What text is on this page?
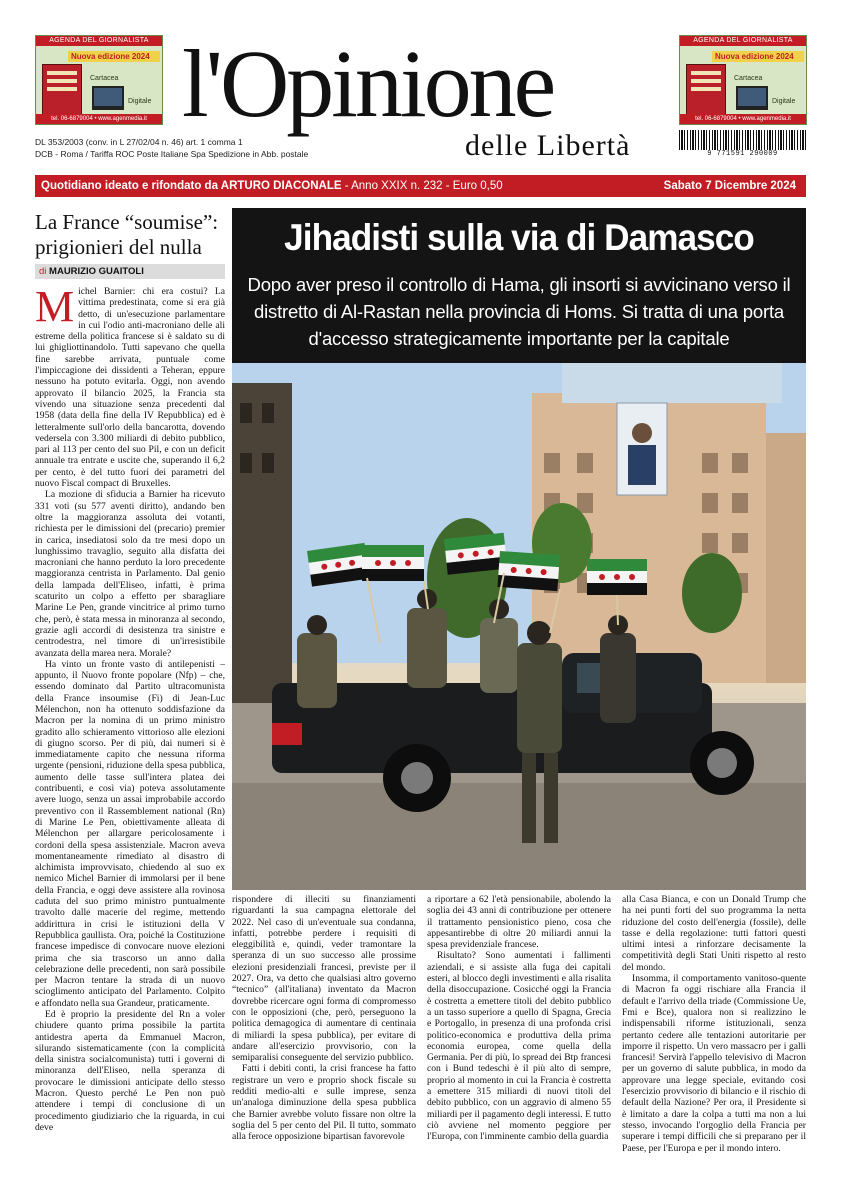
AGENDA DEL GIORNALISTA
Nuova edizione 2024
Cartacea
Digitale
tel. 06-6879004 • www.agenmedia.it
AGENDA DEL GIORNALISTA
Nuova edizione 2024
Cartacea
Digitale
tel. 06-6879004 • www.agenmedia.it
l'Opinione
delle Libertà
DL 353/2003 (conv. in L 27/02/04 n. 46) art. 1 comma 1
DCB - Roma / Tariffa ROC Poste Italiane Spa Spedizione in Abb. postale	9 771591 290009
Quotidiano ideato e rifondato da ARTURO DIACONALE - Anno XXIX n. 232 - Euro 0,50	Sabato 7 Dicembre 2024
La France “soumise”: prigionieri del nulla
di MAURIZIO GUAITOLI

Michel Barnier: chi era costui? La vittima predestinata, come si era già detto, di un'esecuzione parlamentare in cui l'odio anti-macroniano delle ali estreme della politica francese si è saldato su di lui ghigliottinandolo. Tutti sapevano che quella fine sarebbe arrivata, puntuale come l'impiccagione dei dissidenti a Teheran, eppure nessuno ha potuto evitarla. Oggi, non avendo approvato il bilancio 2025, la Francia sta vivendo una situazione senza precedenti dal 1958 (data della fine della IV Repubblica) ed è letteralmente sull'orlo della bancarotta, dovendo vedersela con 3.300 miliardi di debito pubblico, pari al 113 per cento del suo Pil, e con un deficit annuale tra entrate e uscite che, superando il 6,2 per cento, è del tutto fuori dei parametri del nuovo Fiscal compact di Bruxelles.

La mozione di sfiducia a Barnier ha ricevuto 331 voti (su 577 aventi diritto), andando ben oltre la maggioranza assoluta dei votanti, richiesta per le dimissioni del (precario) premier in carica, insediatosi solo da tre mesi dopo un lunghissimo travaglio, seguito alla disfatta dei macroniani che hanno perduto la loro precedente maggioranza centrista in Parlamento. Dal genio della lampada dell'Eliseo, infatti, è prima scaturito un colpo a effetto per sbaragliare Marine Le Pen, grande vincitrice al primo turno che, però, è stata messa in minoranza al secondo, grazie agli accordi di desistenza tra sinistre e centrodestra, nel timore di un'irresistibile avanzata della marea nera. Morale?

Ha vinto un fronte vasto di antilepenisti – appunto, il Nuovo fronte popolare (Nfp) – che, essendo dominato dal Partito ultracomunista della France insoumise (Fi) di Jean-Luc Mélenchon, non ha ottenuto soddisfazione da Macron per la nomina di un primo ministro gradito allo schieramento vittorioso alle elezioni di giugno scorso. Per di più, dai numeri si è immediatamente capito che nessuna riforma urgente (pensioni, riduzione della spesa pubblica, aumento delle tasse sull'intera platea dei contribuenti, e così via) poteva assolutamente avere luogo, senza un assai improbabile accordo preventivo con il Rassemblement national (Rn) di Marine Le Pen, obiettivamente alleata di Mélenchon per allargare pericolosamente i cordoni della spesa assistenziale. Macron aveva momentaneamente rimediato al disastro di alchimista improvvisato, chiedendo al suo ex nemico Michel Barnier di immolarsi per il bene della Francia, e oggi deve assistere alla rovinosa caduta del suo primo ministro puntualmente travolto dalle macerie del regime, mettendo addirittura in crisi le istituzioni della V Repubblica gaullista. Ora, poiché la Costituzione francese impedisce di convocare nuove elezioni prima che sia trascorso un anno dalla celebrazione delle precedenti, non sarà possibile per Macron tentare la strada di un nuovo scioglimento anticipato del Parlamento. Colpito e affondato nella sua Grandeur, praticamente.

Ed è proprio la presidente del Rn a voler chiudere quanto prima possibile la partita antidestra aperta da Emmanuel Macron, silurando sistematicamente (con la complicità della sinistra socialcomunista) tutti i governi di minoranza dell'Eliseo, nella speranza di provocare le dimissioni anticipate dello stesso Macron. Questo perché Le Pen non può attendere i tempi di conclusione di un procedimento giudiziario che la riguarda, in cui deve

Jihadisti sulla via di Damasco
Dopo aver preso il controllo di Hama, gli insorti si avvicinano verso il distretto di Al-Rastan nella provincia di Homs. Si tratta di una porta d'accesso strategicamente importante per la capitale

rispondere di illeciti su finanziamenti riguardanti la sua campagna elettorale del 2022. Nel caso di un'eventuale sua condanna, infatti, potrebbe perdere i requisiti di eleggibilità e, quindi, veder tramontare la speranza di un suo successo alle prossime elezioni presidenziali francesi, previste per il 2027. Ora, va detto che qualsiasi altro governo “tecnico” (all'italiana) inventato da Macron dovrebbe ricercare ogni forma di compromesso con le opposizioni (che, però, perseguono la politica demagogica di aumentare di centinaia di miliardi la spesa pubblica), per evitare di andare all'esercizio provvisorio, con la semiparalisi conseguente del servizio pubblico.

Fatti i debiti conti, la crisi francese ha fatto registrare un vero e proprio shock fiscale su redditi medio-alti e sulle imprese, senza un'analoga diminuzione della spesa pubblica che Barnier avrebbe voluto fissare non oltre la soglia del 5 per cento del Pil. Il tutto, sommato alla feroce opposizione bipartisan favorevole

a riportare a 62 l'età pensionabile, abolendo la soglia dei 43 anni di contribuzione per ottenere il trattamento pensionistico pieno, cosa che appesantirebbe di oltre 20 miliardi annui la spesa previdenziale francese.

Risultato? Sono aumentati i fallimenti aziendali, e si assiste alla fuga dei capitali esteri, al blocco degli investimenti e alla risalita della disoccupazione. Cosicché oggi la Francia è costretta a emettere titoli del debito pubblico a un tasso superiore a quello di Spagna, Grecia e Portogallo, in presenza di una profonda crisi politico-economica e produttiva della prima economia europea, come quella della Germania. Per di più, lo spread dei Btp francesi con i Bund tedeschi è il più alto di sempre, proprio al momento in cui la Francia è costretta a emettere 315 miliardi di nuovi titoli del debito pubblico, con un aggravio di almeno 55 miliardi per il pagamento degli interessi. E tutto ciò avviene nel momento peggiore per l'Europa, con l'imminente cambio della guardia

alla Casa Bianca, e con un Donald Trump che ha nei punti forti del suo programma la netta riduzione del costo dell'energia (fossile), delle tasse e della regolazione: tutti fattori questi ultimi intesi a rinforzare decisamente la competitività degli Stati Uniti rispetto al resto del mondo.

Insomma, il comportamento vanitoso-quente di Macron fa oggi rischiare alla Francia il default e l'arrivo della triade (Commissione Ue, Fmi e Bce), qualora non si realizzino le indispensabili riforme istituzionali, senza pertanto cedere alle tentazioni autoritarie per imporre il rispetto. Un vero massacro per i galli francesi! Servirà l'appello televisivo di Macron per un governo di salute pubblica, in modo da approvare una legge speciale, evitando così l'esercizio provvisorio di bilancio e il rischio di default della Nazione? Per ora, il Presidente si è limitato a dare la colpa a tutti ma non a lui stesso, invocando l'orgoglio della Francia per superare i tempi difficili che si preparano per il Paese, per l'Europa e per il mondo intero.
